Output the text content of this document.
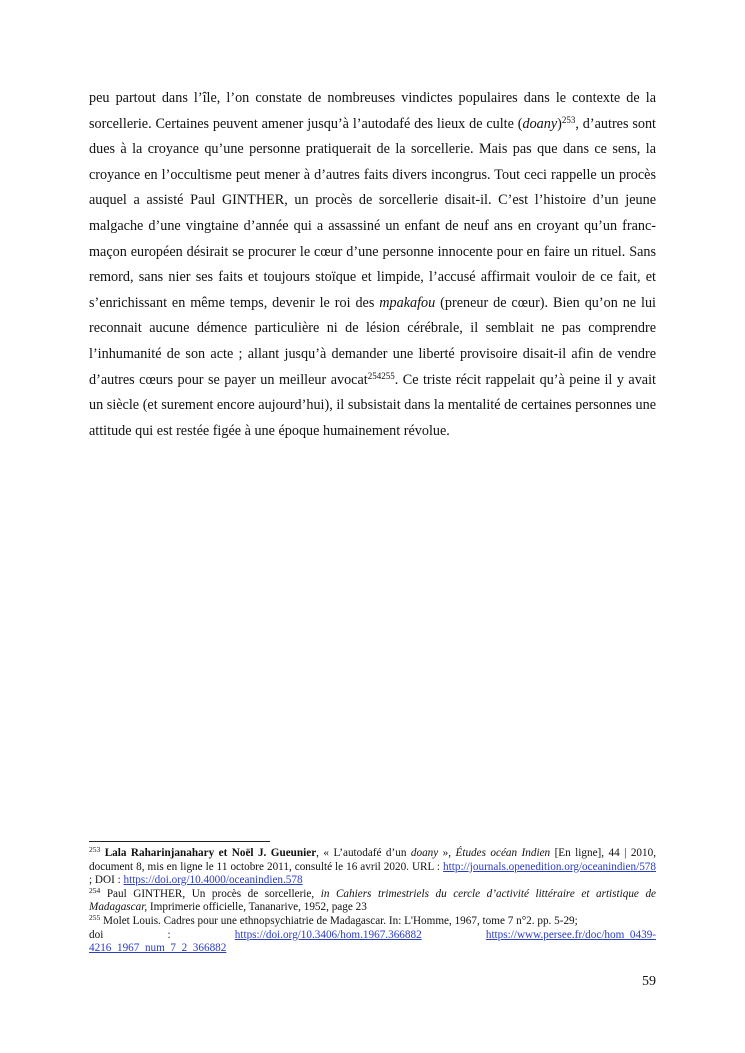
peu partout dans l’île, l’on constate de nombreuses vindictes populaires dans le contexte de la sorcellerie. Certaines peuvent amener jusqu’à l’autodafé des lieux de culte (doany)$^{253}$, d’autres sont dues à la croyance qu’une personne pratiquerait de la sorcellerie. Mais pas que dans ce sens, la croyance en l’occultisme peut mener à d’autres faits divers incongrus. Tout ceci rappelle un procès auquel a assisté Paul GINTHER, un procès de sorcellerie disait-il. C’est l’histoire d’un jeune malgache d’une vingtaine d’année qui a assassiné un enfant de neuf ans en croyant qu’un franc-maçon européen désirait se procurer le cœur d’une personne innocente pour en faire un rituel. Sans remord, sans nier ses faits et toujours stoïque et limpide, l’accusé affirmait vouloir de ce fait, et s’enrichissant en même temps, devenir le roi des mpakafou (preneur de cœur). Bien qu’on ne lui reconnait aucune démence particulière ni de lésion cérébrale, il semblait ne pas comprendre l’inhumanité de son acte ; allant jusqu’à demander une liberté provisoire disait-il afin de vendre d’autres cœurs pour se payer un meilleur avocat$^{254255}$. Ce triste récit rappelait qu’à peine il y avait un siècle (et surement encore aujourd’hui), il subsistait dans la mentalité de certaines personnes une attitude qui est restée figée à une époque humainement révolue.

$^{253}$ Lala Raharinjanahary et Noël J. Gueunier, « L’autodafé d’un doany », Études océan Indien [En ligne], 44 | 2010, document 8, mis en ligne le 11 octobre 2011, consulté le 16 avril 2020. URL : http://journals.openedition.org/oceanindien/578 ; DOI : https://doi.org/10.4000/oceanindien.578

$^{254}$ Paul GINTHER, Un procès de sorcellerie, in Cahiers trimestriels du cercle d’activité littéraire et artistique de Madagascar, Imprimerie officielle, Tananarive, 1952, page 23

$^{255}$ Molet Louis. Cadres pour une ethnopsychiatrie de Madagascar. In: L'Homme, 1967, tome 7 n°2. pp. 5-29;

doi	:	https://doi.org/10.3406/hom.1967.366882	https://www.persee.fr/doc/hom_0439-

4216_1967_num_7_2_366882

59
